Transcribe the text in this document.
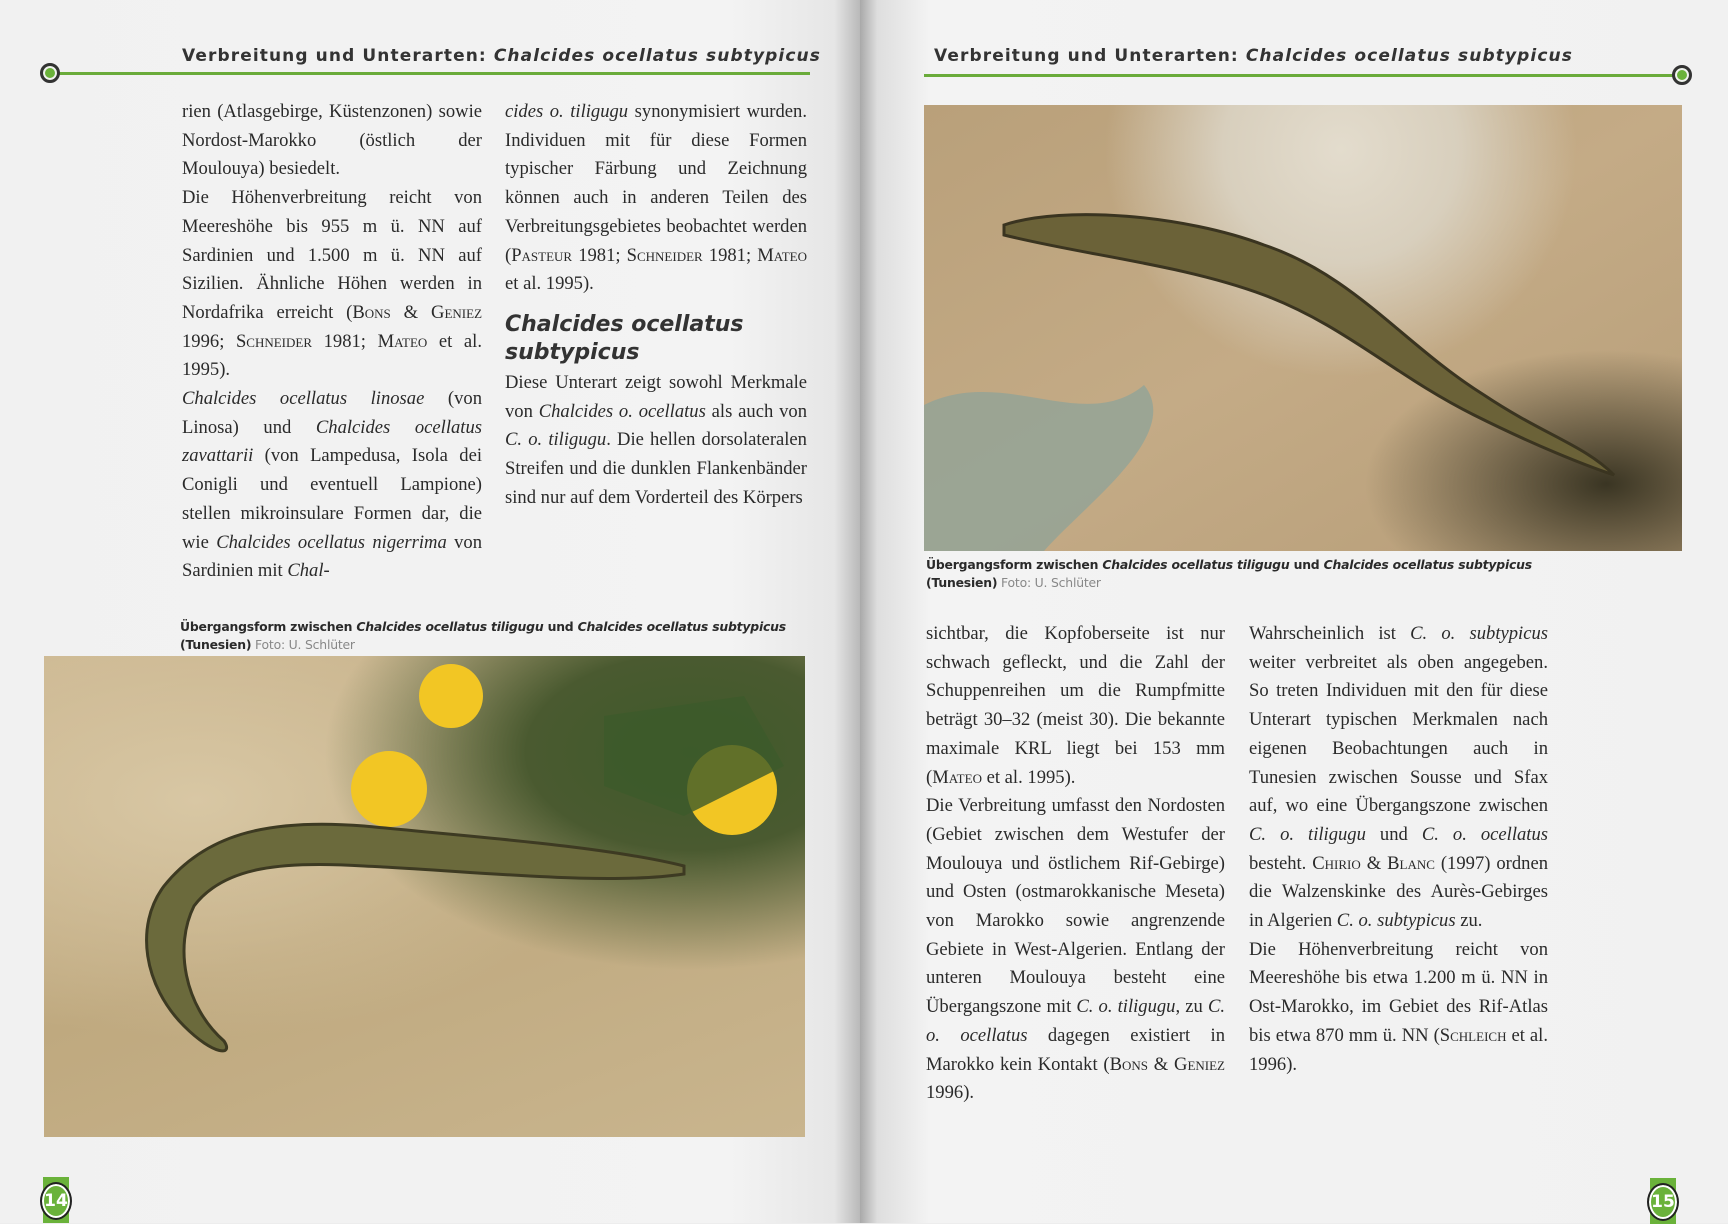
Verbreitung und Unterarten: Chalcides ocellatus subtypicus

rien (Atlasgebirge, Küstenzonen) sowie Nordost-Marokko (östlich der Moulouya) besiedelt.

Die Höhenverbreitung reicht von Meereshöhe bis 955 m ü. NN auf Sardinien und 1.500 m ü. NN auf Sizilien. Ähnliche Höhen werden in Nordafrika erreicht (Bons & Geniez 1996; Schneider 1981; Mateo et al. 1995).

Chalcides ocellatus linosae (von Linosa) und Chalcides ocellatus zavattarii (von Lampedusa, Isola dei Conigli und eventuell Lampione) stellen mikroinsulare Formen dar, die wie Chalcides ocellatus nigerrima von Sardinien mit Chal-

cides o. tiligugu synonymisiert wurden. Individuen mit für diese Formen typischer Färbung und Zeichnung können auch in anderen Teilen des Verbreitungsgebietes beobachtet werden (Pasteur 1981; Schneider 1981; Mateo et al. 1995).

Chalcides ocellatus subtypicus

Diese Unterart zeigt sowohl Merkmale von Chalcides o. ocellatus als auch von C. o. tiligugu. Die hellen dorsolateralen Streifen und die dunklen Flankenbänder sind nur auf dem Vorderteil des Körpers

Übergangsform zwischen Chalcides ocellatus tiligugu und Chalcides ocellatus subtypicus
(Tunesien) Foto: U. Schlüter
14
Verbreitung und Unterarten: Chalcides ocellatus subtypicus
Übergangsform zwischen Chalcides ocellatus tiligugu und Chalcides ocellatus subtypicus
(Tunesien) Foto: U. Schlüter

sichtbar, die Kopfoberseite ist nur schwach gefleckt, und die Zahl der Schuppenreihen um die Rumpfmitte beträgt 30–32 (meist 30). Die bekannte maximale KRL liegt bei 153 mm (Mateo et al. 1995).

Die Verbreitung umfasst den Nordosten (Gebiet zwischen dem Westufer der Moulouya und östlichem Rif-Gebirge) und Osten (ostmarokkanische Meseta) von Marokko sowie angrenzende Gebiete in West-Algerien. Entlang der unteren Moulouya besteht eine Übergangszone mit C. o. tiligugu, zu C. o. ocellatus dagegen existiert in Marokko kein Kontakt (Bons & Geniez 1996).

Wahrscheinlich ist C. o. subtypicus weiter verbreitet als oben angegeben. So treten Individuen mit den für diese Unterart typischen Merkmalen nach eigenen Beobachtungen auch in Tunesien zwischen Sousse und Sfax auf, wo eine Übergangszone zwischen C. o. tiligugu und C. o. ocellatus besteht. Chirio & Blanc (1997) ordnen die Walzenskinke des Aurès-Gebirges in Algerien C. o. subtypicus zu.

Die Höhenverbreitung reicht von Meereshöhe bis etwa 1.200 m ü. NN in Ost-Marokko, im Gebiet des Rif-Atlas bis etwa 870 mm ü. NN (Schleich et al. 1996).

15
